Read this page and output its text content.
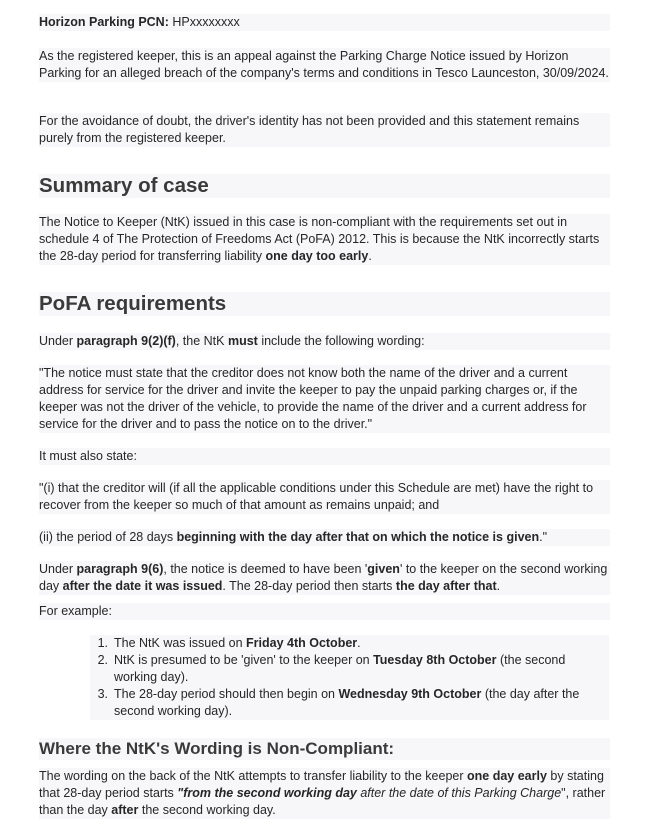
Horizon Parking PCN: HPxxxxxxxx

As the registered keeper, this is an appeal against the Parking Charge Notice issued by Horizon Parking for an alleged breach of the company's terms and conditions in Tesco Launceston, 30/09/2024.

For the avoidance of doubt, the driver's identity has not been provided and this statement remains purely from the registered keeper.

Summary of case

The Notice to Keeper (NtK) issued in this case is non-compliant with the requirements set out in schedule 4 of The Protection of Freedoms Act (PoFA) 2012. This is because the NtK incorrectly starts the 28-day period for transferring liability one day too early.

PoFA requirements

Under paragraph 9(2)(f), the NtK must include the following wording:

"The notice must state that the creditor does not know both the name of the driver and a current address for service for the driver and invite the keeper to pay the unpaid parking charges or, if the keeper was not the driver of the vehicle, to provide the name of the driver and a current address for service for the driver and to pass the notice on to the driver."

It must also state:

"(i) that the creditor will (if all the applicable conditions under this Schedule are met) have the right to recover from the keeper so much of that amount as remains unpaid; and

(ii) the period of 28 days beginning with the day after that on which the notice is given."

Under paragraph 9(6), the notice is deemed to have been 'given' to the keeper on the second working day after the date it was issued. The 28-day period then starts the day after that.

For example:

1. The NtK was issued on Friday 4th October.
2. NtK is presumed to be 'given' to the keeper on Tuesday 8th October (the second working day).
3. The 28-day period should then begin on Wednesday 9th October (the day after the second working day).

Where the NtK's Wording is Non-Compliant:

The wording on the back of the NtK attempts to transfer liability to the keeper one day early by stating that 28-day period starts "from the second working day after the date of this Parking Charge", rather than the day after the second working day.
